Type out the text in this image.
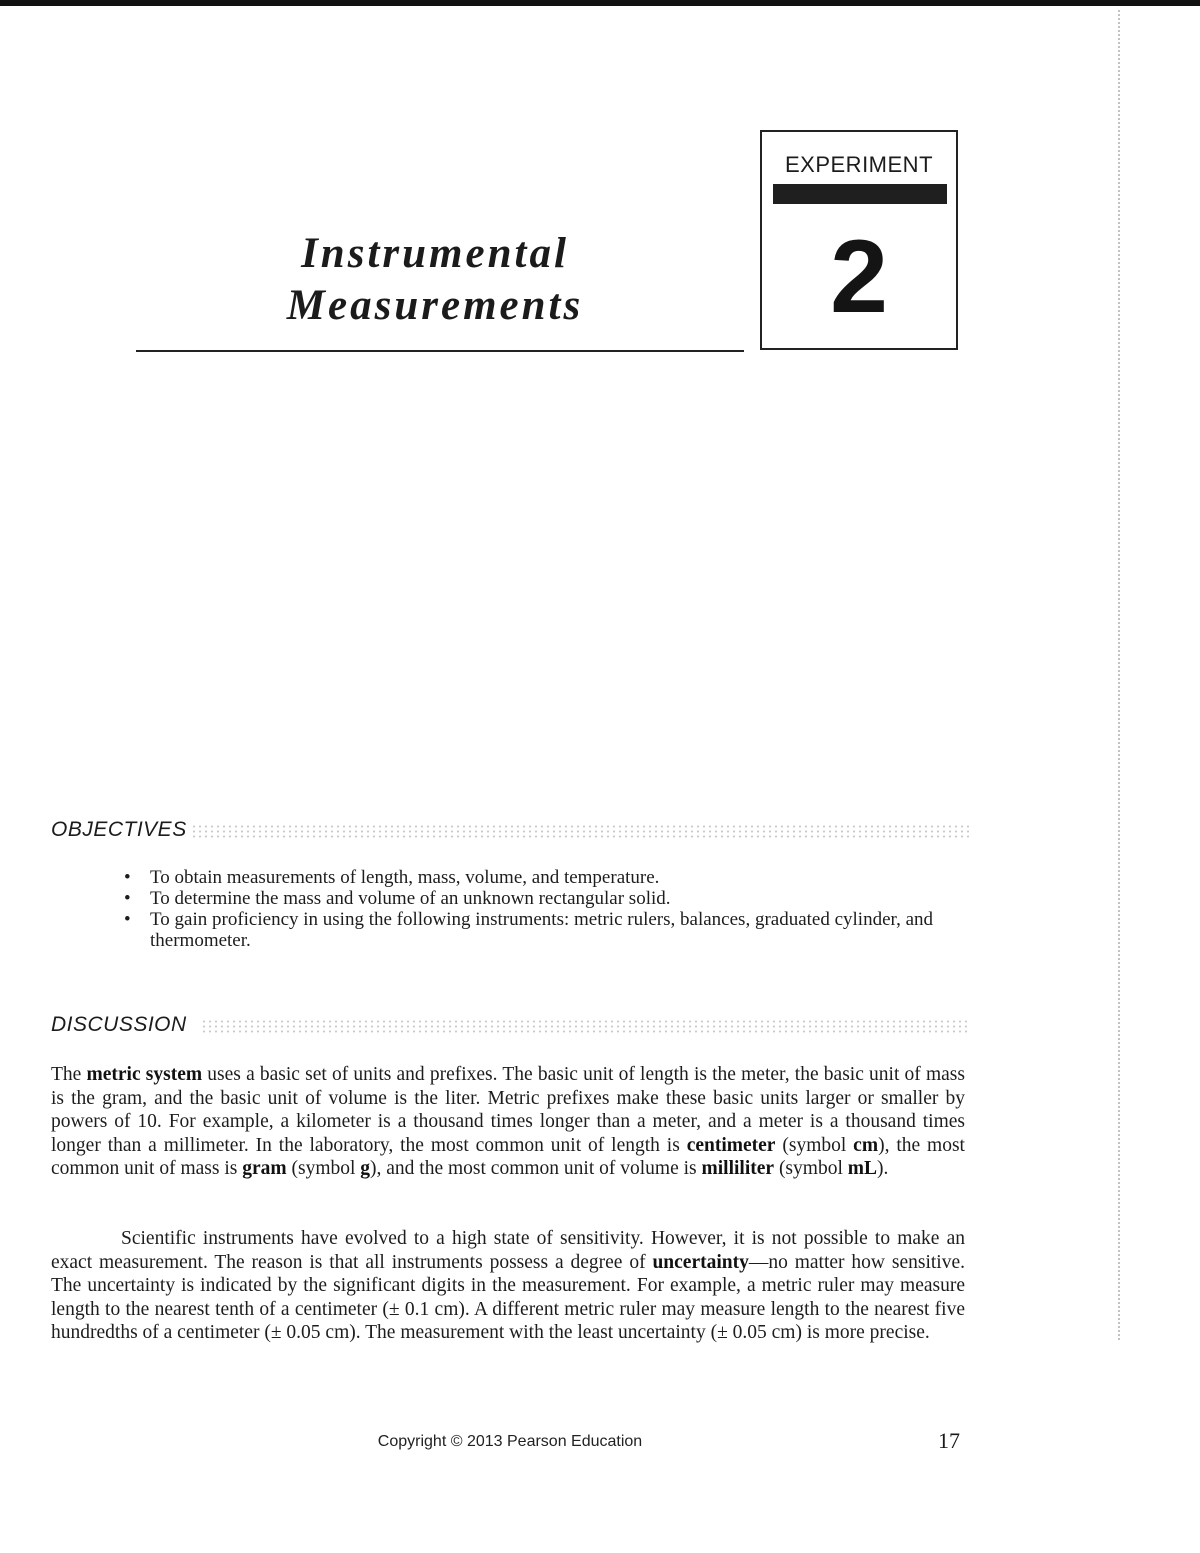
Instrumental
Measurements
EXPERIMENT
2
OBJECTIVES
• To obtain measurements of length, mass, volume, and temperature.
• To determine the mass and volume of an unknown rectangular solid.
• To gain proficiency in using the following instruments: metric rulers, balances, graduated cylinder, and thermometer.
DISCUSSION

The metric system uses a basic set of units and prefixes. The basic unit of length is the meter, the basic unit of mass is the gram, and the basic unit of volume is the liter. Metric prefixes make these basic units larger or smaller by powers of 10. For example, a kilometer is a thousand times longer than a meter, and a meter is a thousand times longer than a millimeter. In the laboratory, the most common unit of length is centimeter (symbol cm), the most common unit of mass is gram (symbol g), and the most common unit of volume is milliliter (symbol mL).

Scientific instruments have evolved to a high state of sensitivity. However, it is not possible to make an exact measurement. The reason is that all instruments possess a degree of uncertainty—no matter how sensitive. The uncertainty is indicated by the significant digits in the measurement. For example, a metric ruler may measure length to the nearest tenth of a centimeter (± 0.1 cm). A different metric ruler may measure length to the nearest five hundredths of a centimeter (± 0.05 cm). The measurement with the least uncertainty (± 0.05 cm) is more precise.

Copyright © 2013 Pearson Education	17
